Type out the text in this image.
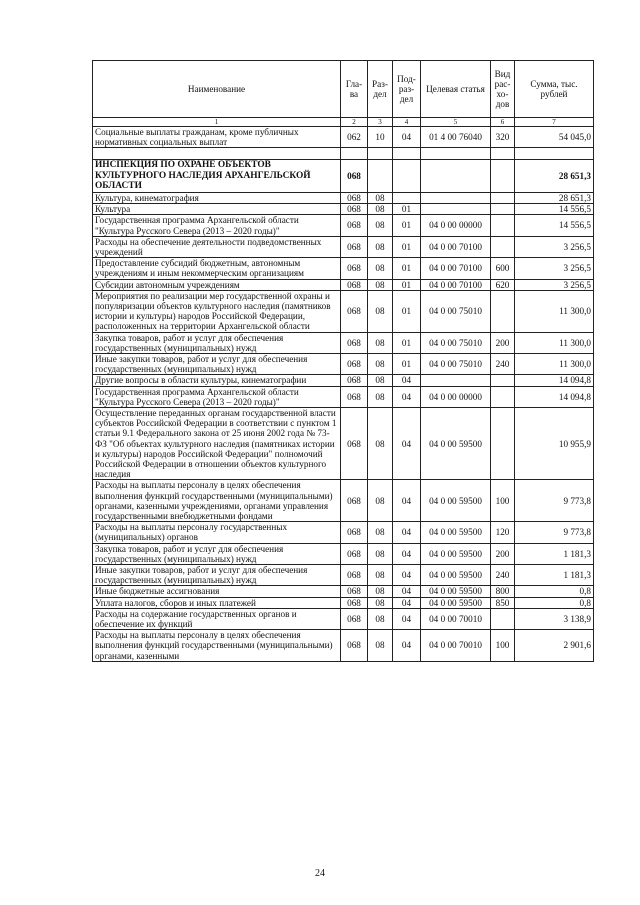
Наименование	Гла-ва	Раз-дел	Под-раз-дел	Целевая статья	Вид рас-хо-дов	Сумма, тыс. рублей
1	2	3	4	5	6	7
Социальные выплаты гражданам, кроме публичных нормативных социальных выплат	062	10	04	01 4 00 76040	320	54 045,0

ИНСПЕКЦИЯ ПО ОХРАНЕ ОБЪЕКТОВ КУЛЬТУРНОГО НАСЛЕДИЯ АРХАНГЕЛЬСКОЙ ОБЛАСТИ	068					28 651,3
Культура, кинематография	068	08				28 651,3
Культура	068	08	01			14 556,5
Государственная программа Архангельской области "Культура Русского Севера (2013 – 2020 годы)"	068	08	01	04 0 00 00000		14 556,5
Расходы на обеспечение деятельности подведомственных учреждений	068	08	01	04 0 00 70100		3 256,5
Предоставление субсидий бюджетным, автономным учреждениям и иным некоммерческим организациям	068	08	01	04 0 00 70100	600	3 256,5
Субсидии автономным учреждениям	068	08	01	04 0 00 70100	620	3 256,5
Мероприятия по реализации мер государственной охраны и популяризации объектов культурного наследия (памятников истории и культуры) народов Российской Федерации, расположенных на территории Архангельской области	068	08	01	04 0 00 75010		11 300,0
Закупка товаров, работ и услуг для обеспечения государственных (муниципальных) нужд	068	08	01	04 0 00 75010	200	11 300,0
Иные закупки товаров, работ и услуг для обеспечения государственных (муниципальных) нужд	068	08	01	04 0 00 75010	240	11 300,0
Другие вопросы в области культуры, кинематографии	068	08	04			14 094,8
Государственная программа Архангельской области "Культура Русского Севера (2013 – 2020 годы)"	068	08	04	04 0 00 00000		14 094,8
Осуществление переданных органам государственной власти субъектов Российской Федерации в соответствии с пунктом 1 статьи 9.1 Федерального закона от 25 июня 2002 года № 73-ФЗ "Об объектах культурного наследия (памятниках истории и культуры) народов Российской Федерации" полномочий Российской Федерации в отношении объектов культурного наследия	068	08	04	04 0 00 59500		10 955,9
Расходы на выплаты персоналу в целях обеспечения выполнения функций государственными (муниципальными) органами, казенными учреждениями, органами управления государственными внебюджетными фондами	068	08	04	04 0 00 59500	100	9 773,8
Расходы на выплаты персоналу государственных (муниципальных) органов	068	08	04	04 0 00 59500	120	9 773,8
Закупка товаров, работ и услуг для обеспечения государственных (муниципальных) нужд	068	08	04	04 0 00 59500	200	1 181,3
Иные закупки товаров, работ и услуг для обеспечения государственных (муниципальных) нужд	068	08	04	04 0 00 59500	240	1 181,3
Иные бюджетные ассигнования	068	08	04	04 0 00 59500	800	0,8
Уплата налогов, сборов и иных платежей	068	08	04	04 0 00 59500	850	0,8
Расходы на содержание государственных органов и обеспечение их функций	068	08	04	04 0 00 70010		3 138,9
Расходы на выплаты персоналу в целях обеспечения выполнения функций государственными (муниципальными) органами, казенными	068	08	04	04 0 00 70010	100	2 901,6
24
